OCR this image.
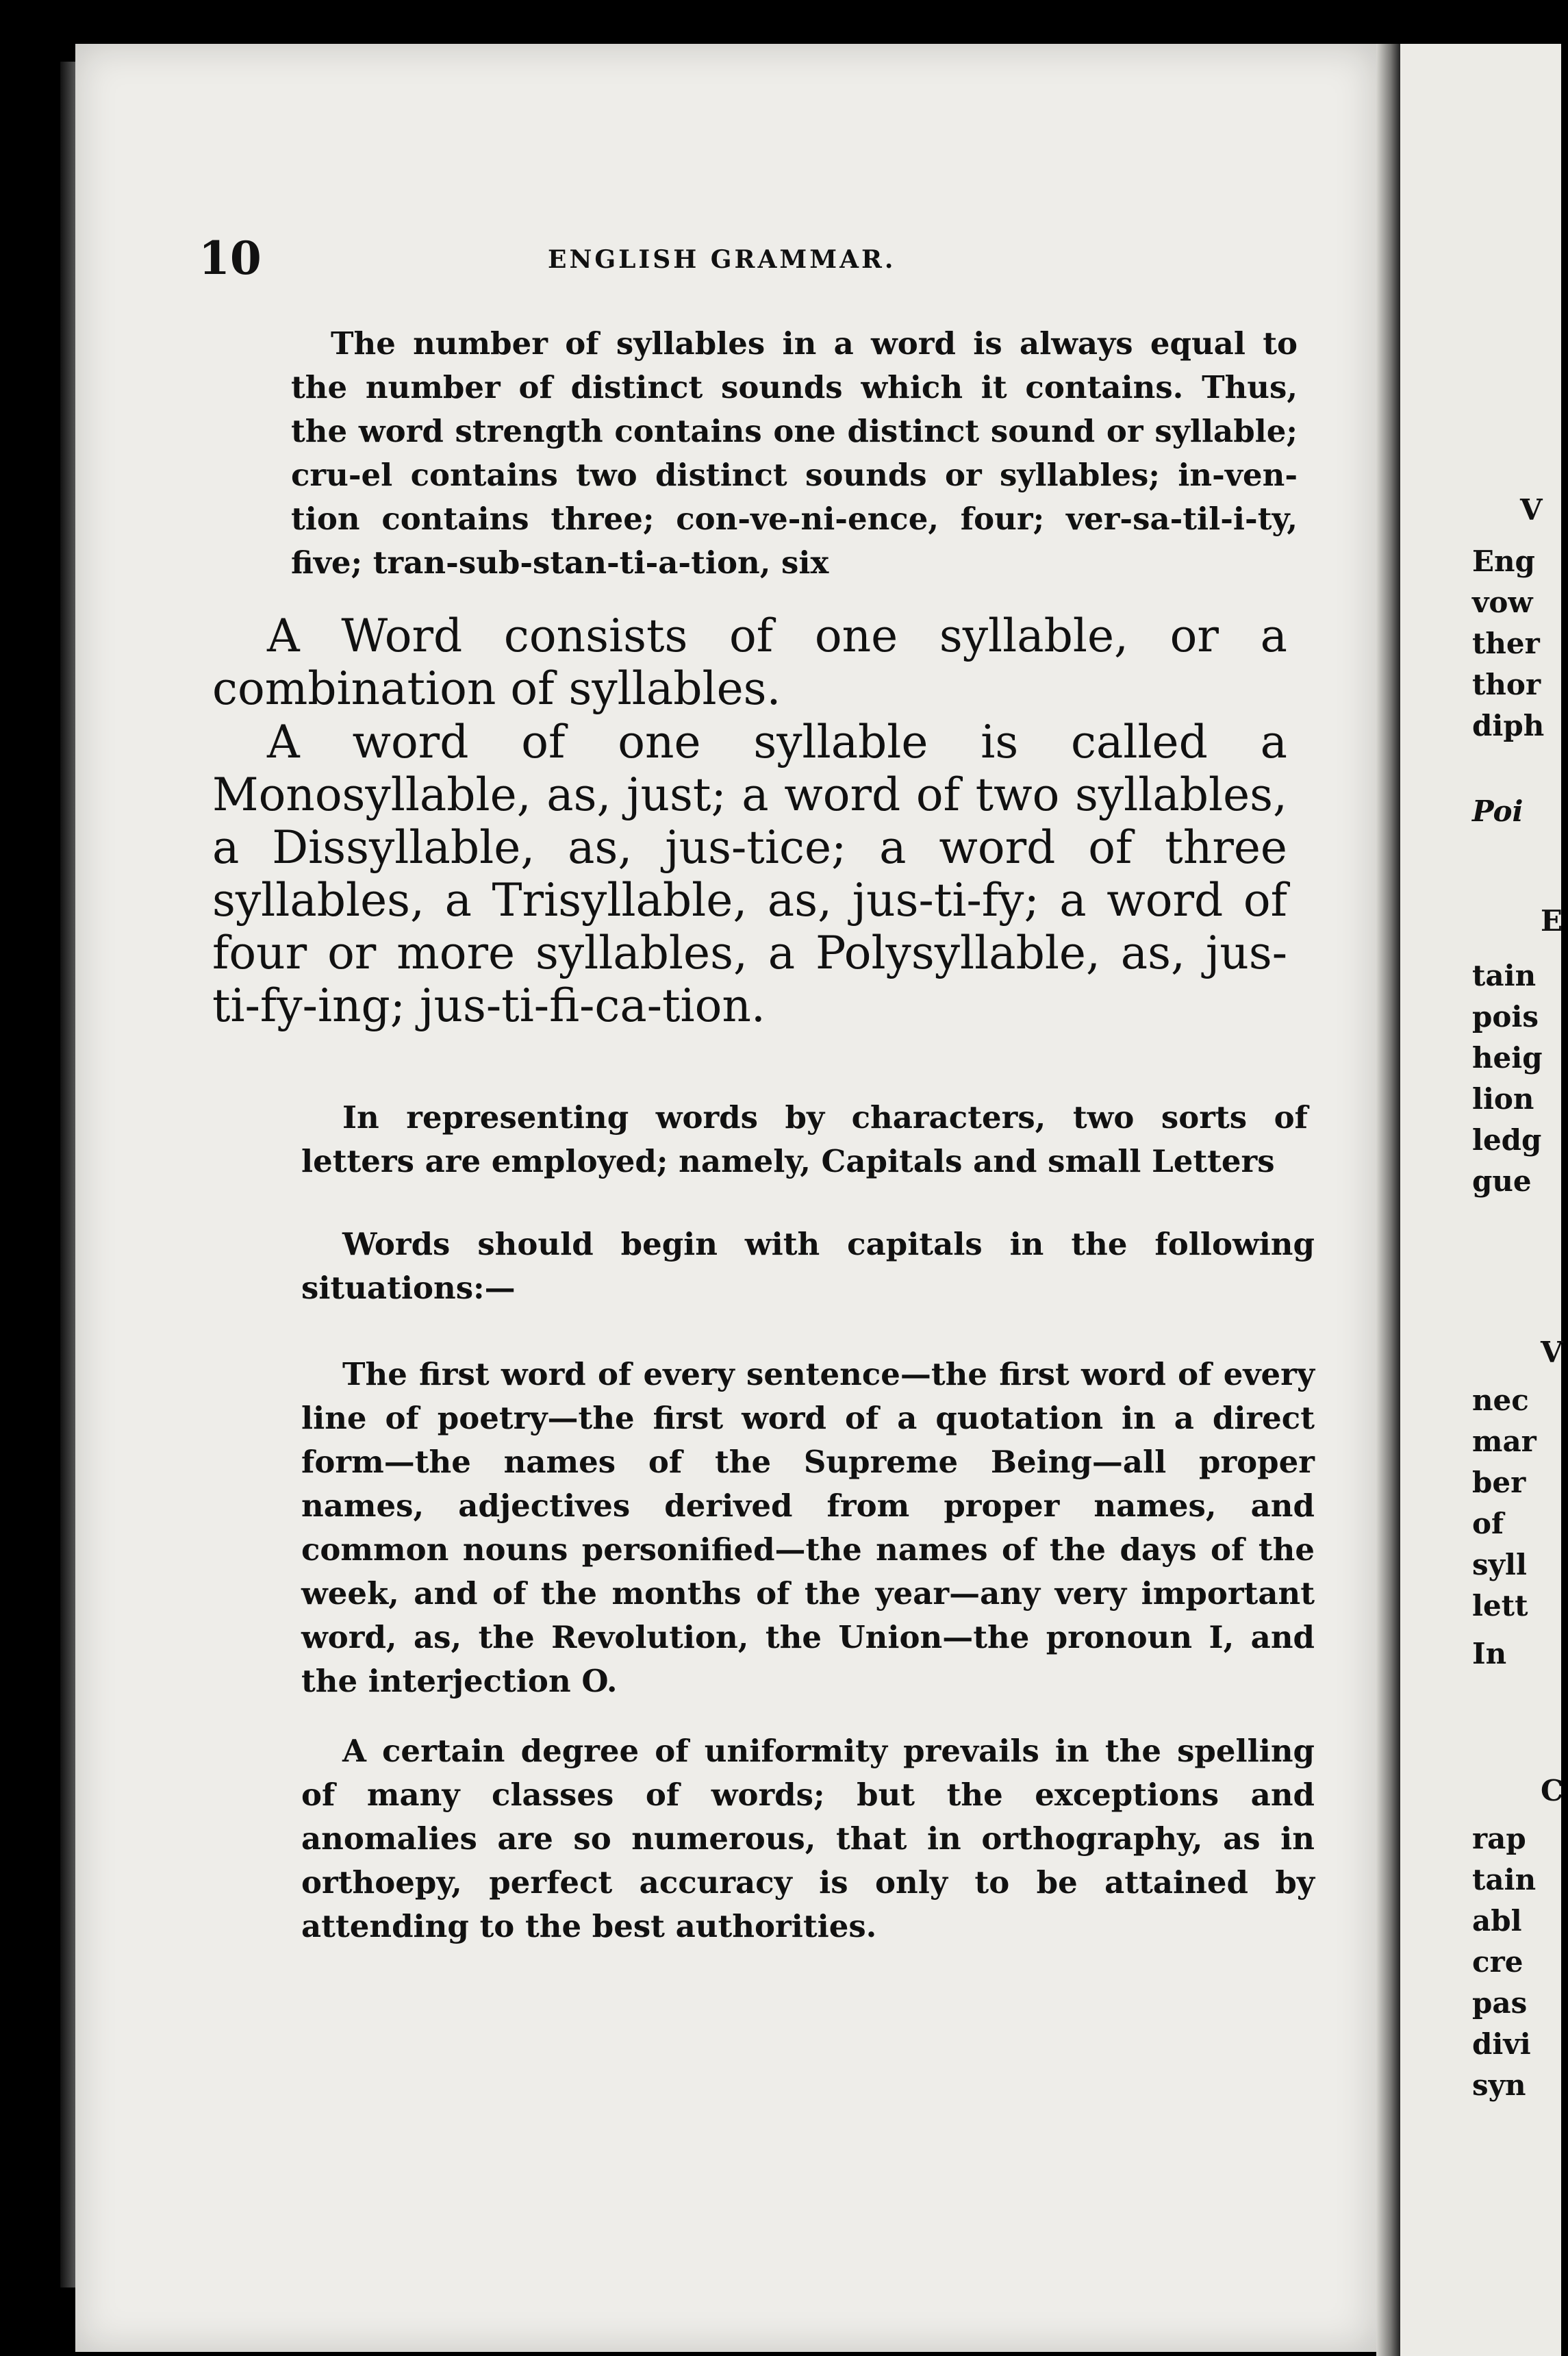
10	ENGLISH GRAMMAR.

The number of syllables in a word is always equal to the number of distinct sounds which it contains. Thus, the word strength contains one distinct sound or syllable; cru-el contains two distinct sounds or syllables; in-ven-tion contains three; con-ve-ni-ence, four; ver-sa-til-i-ty, five; tran-sub-stan-ti-a-tion, six

A Word consists of one syllable, or a combination of syllables.

A word of one syllable is called a Monosyllable, as, just; a word of two syllables, a Dissyllable, as, jus-tice; a word of three syllables, a Trisyllable, as, jus-ti-fy; a word of four or more syllables, a Polysyllable, as, jus-ti-fy-ing; jus-ti-fi-ca-tion.

In representing words by characters, two sorts of letters are employed; namely, Capitals and small Letters

Words should begin with capitals in the following situations:—

The first word of every sentence—the first word of every line of poetry—the first word of a quotation in a direct form—the names of the Supreme Being—all proper names, adjectives derived from proper names, and common nouns personified—the names of the days of the week, and of the months of the year—any very important word, as, the Revolution, the Union—the pronoun I, and the interjection O.

A certain degree of uniformity prevails in the spelling of many classes of words; but the exceptions and anomalies are so numerous, that in orthography, as in orthoepy, perfect accuracy is only to be attained by attending to the best authorities.

V
Eng
vow
ther
thor
diph
Poi
E
tain
pois
heig
lion
ledg
gue
V
nec
mar
ber
of
syll
lett
In
C
rap
tain
abl
cre
pas
divi
syn
